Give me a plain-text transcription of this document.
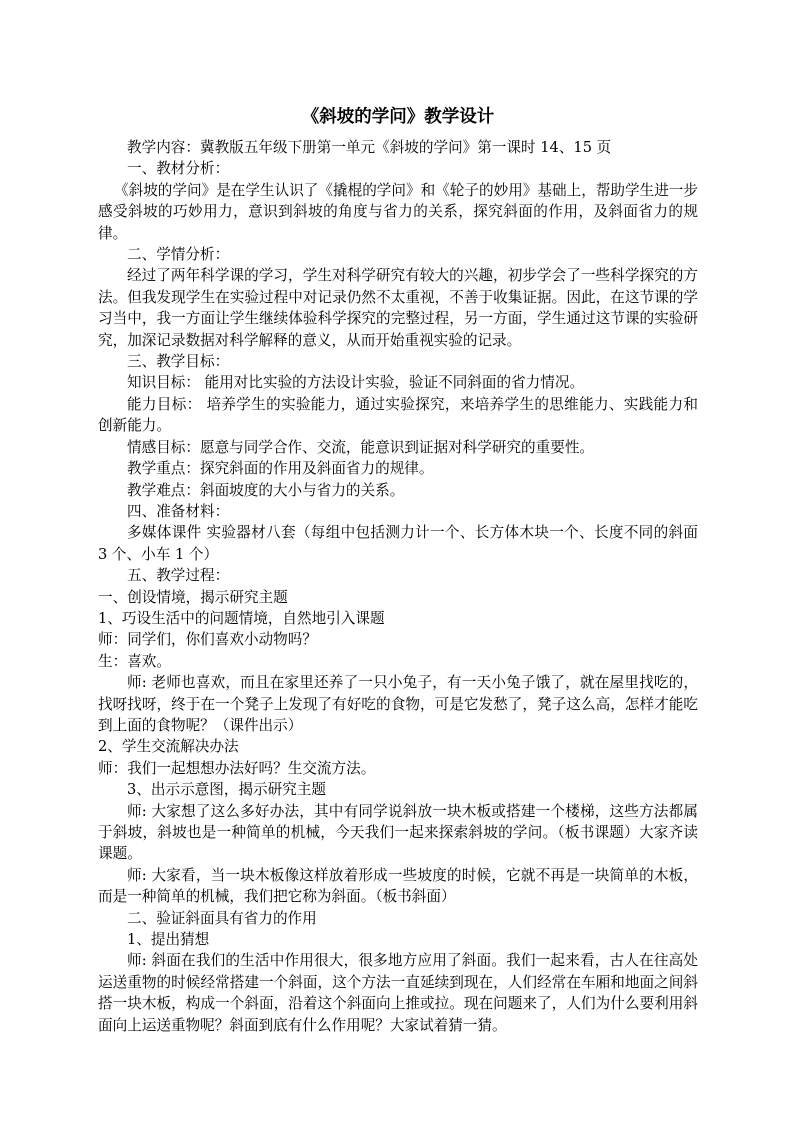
《斜坡的学问》教学设计

教学内容：冀教版五年级下册第一单元《斜坡的学问》第一课时 14、15 页

一、教材分析：

《斜坡的学问》是在学生认识了《撬棍的学问》和《轮子的妙用》基础上，帮助学生进一步感受斜坡的巧妙用力，意识到斜坡的角度与省力的关系，探究斜面的作用，及斜面省力的规律。

二、学情分析：

经过了两年科学课的学习，学生对科学研究有较大的兴趣，初步学会了一些科学探究的方法。但我发现学生在实验过程中对记录仍然不太重视，不善于收集证据。因此，在这节课的学习当中，我一方面让学生继续体验科学探究的完整过程，另一方面，学生通过这节课的实验研究，加深记录数据对科学解释的意义，从而开始重视实验的记录。

三、教学目标：

知识目标： 能用对比实验的方法设计实验，验证不同斜面的省力情况。

能力目标： 培养学生的实验能力，通过实验探究，来培养学生的思维能力、实践能力和创新能力。

情感目标：愿意与同学合作、交流，能意识到证据对科学研究的重要性。

教学重点：探究斜面的作用及斜面省力的规律。

教学难点：斜面坡度的大小与省力的关系。

四、准备材料：

多媒体课件 实验器材八套（每组中包括测力计一个、长方体木块一个、长度不同的斜面 3 个、小车 1 个）

五、教学过程：

一、创设情境，揭示研究主题

1、巧设生活中的问题情境，自然地引入课题

师：同学们，你们喜欢小动物吗？

生：喜欢。

师: 老师也喜欢，而且在家里还养了一只小兔子，有一天小兔子饿了，就在屋里找吃的，找呀找呀，终于在一个凳子上发现了有好吃的食物，可是它发愁了，凳子这么高，怎样才能吃到上面的食物呢？（课件出示）

2、学生交流解决办法

师：我们一起想想办法好吗？生交流方法。

3、出示示意图，揭示研究主题

师: 大家想了这么多好办法，其中有同学说斜放一块木板或搭建一个楼梯，这些方法都属于斜坡，斜坡也是一种简单的机械，今天我们一起来探索斜坡的学问。（板书课题）大家齐读课题。

师: 大家看，当一块木板像这样放着形成一些坡度的时候，它就不再是一块简单的木板，而是一种简单的机械，我们把它称为斜面。（板书斜面）

二、验证斜面具有省力的作用

1、提出猜想

师: 斜面在我们的生活中作用很大，很多地方应用了斜面。我们一起来看，古人在往高处运送重物的时候经常搭建一个斜面，这个方法一直延续到现在，人们经常在车厢和地面之间斜搭一块木板，构成一个斜面，沿着这个斜面向上推或拉。现在问题来了，人们为什么要利用斜面向上运送重物呢？斜面到底有什么作用呢？大家试着猜一猜。
